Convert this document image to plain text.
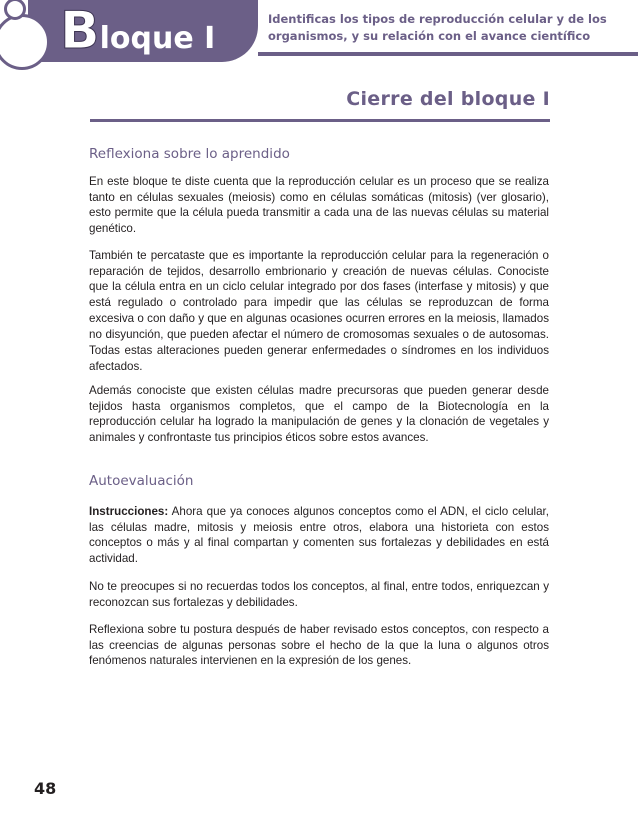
Bloque I
Identificas los tipos de reproducción celular y de los organismos, y su relación con el avance científico
Cierre del bloque I
Reflexiona sobre lo aprendido

En este bloque te diste cuenta que la reproducción celular es un proceso que se realiza tanto en células sexuales (meiosis) como en células somáticas (mitosis) (ver glosario), esto permite que la célula pueda transmitir a cada una de las nuevas células su material genético.

También te percataste que es importante la reproducción celular para la regeneración o reparación de tejidos, desarrollo embrionario y creación de nuevas células. Conociste que la célula entra en un ciclo celular integrado por dos fases (interfase y mitosis) y que está regulado o controlado para impedir que las células se reproduzcan de forma excesiva o con daño y que en algunas ocasiones ocurren errores en la meiosis, llamados no disyunción, que pueden afectar el número de cromosomas sexuales o de autosomas. Todas estas alteraciones pueden generar enfermedades o síndromes en los individuos afectados.

Además conociste que existen células madre precursoras que pueden generar desde tejidos hasta organismos completos, que el campo de la Biotecnología en la reproducción celular ha logrado la manipulación de genes y la clonación de vegetales y animales y confrontaste tus principios éticos sobre estos avances.

Autoevaluación

Instrucciones: Ahora que ya conoces algunos conceptos como el ADN, el ciclo celular, las células madre, mitosis y meiosis entre otros, elabora una historieta con estos conceptos o más y al final compartan y comenten sus fortalezas y debilidades en está actividad.

No te preocupes si no recuerdas todos los conceptos, al final, entre todos, enriquezcan y reconozcan sus fortalezas y debilidades.

Reflexiona sobre tu postura después de haber revisado estos conceptos, con respecto a las creencias de algunas personas sobre el hecho de la que la luna o algunos otros fenómenos naturales intervienen en la expresión de los genes.

48
